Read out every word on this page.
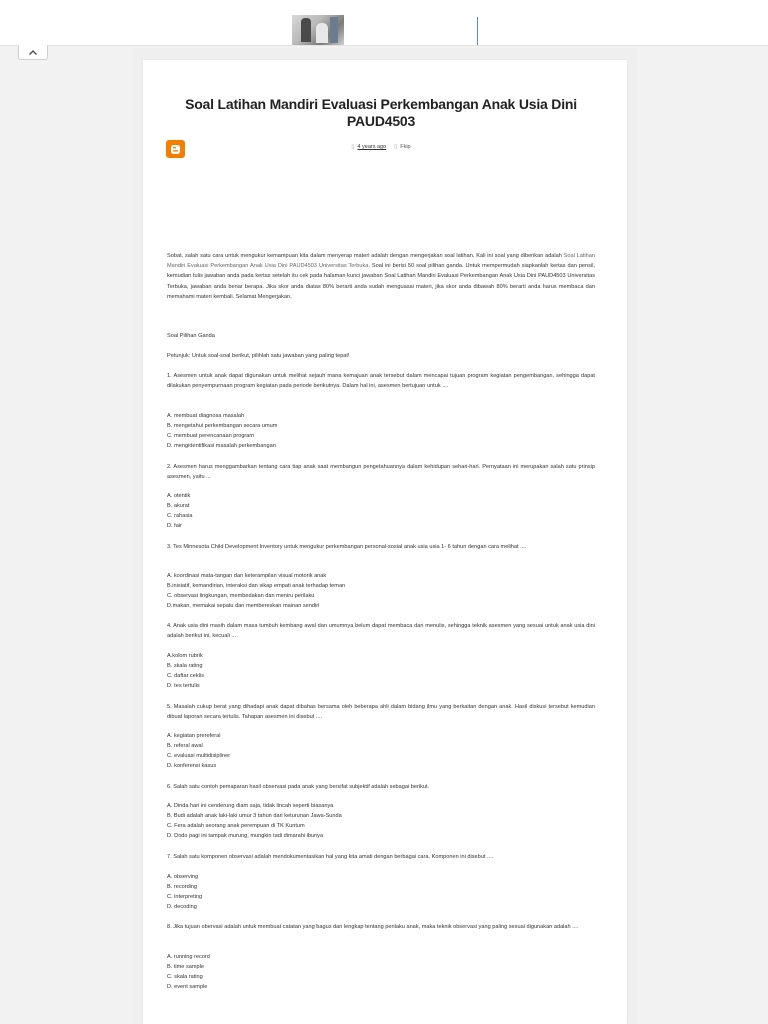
Soal Latihan Mandiri Evaluasi Perkembangan Anak Usia Dini PAUD4503
▯ 4 years ago ▯ Fkip
Sobat, salah satu cara untuk mengukur kemampuan kita dalam menyerap materi adalah dengan mengerjakan soal latihan. Kali ini soal yang diberikan adalah Soal Latihan Mandiri Evaluasi Perkembangan Anak Usia Dini PAUD4503 Universitas Terbuka. Soal ini berisi 50 soal pilihan ganda. Untuk mempermudah siapkanlah kertas dan pensil, kemudian tulis jawaban anda pada kertas setelah itu cek pada halaman kunci jawaban Soal Latihan Mandiri Evaluasi Perkembangan Anak Usia Dini PAUD4503 Universitas Terbuka, jawaban anda benar berapa. Jika skor anda diatas 80% berarti anda sudah menguasai materi, jika skor anda dibawah 80% berarti anda harus membaca dan memahami materi kembali. Selamat Mengerjakan.
Soal Pilihan Ganda
Petunjuk: Untuk soal-soal berikut, pilihlah satu jawaban yang paling tepat!
1. Asesmen untuk anak dapat digunakan untuk melihat sejauh mana kemajuan anak tersebut dalam mencapai tujuan program kegiatan pengembangan, sehingga dapat dilakukan penyempurnaan program kegiatan pada periode berikutnya. Dalam hal ini, asesmen bertujuan untuk ....
A. membuat diagnosa masalah
B. mengetahui perkembangan secara umum
C. membuat perencanaan program
D. mengidentifikasi masalah perkembangan
2. Asesmen harus menggambarkan tentang cara tiap anak saat membangun pengetahuannya dalam kehidupan sehari-hari. Pernyataan ini merupakan salah satu prinsip asesmen, yaitu ...
A. otentik
B. akurat
C. rahasia
D. fair
3. Tes Minnesota Child Development Inventory untuk mengukur perkembangan personal-sosial anak usia usia 1- 6 tahun dengan cara melihat ....
A. koordinasi mata-tangan dan keterampilan visual motorik anak
B.inisiatif, kemandirian, interaksi dan sikap empati anak terhadap teman
C. observasi lingkungan, membedakan dan meniru perilaku
D.makan, memakai sepatu dan membereskan mainan sendiri
4. Anak usia dini masih dalam masa tumbuh kembang awal dan umumnya belum dapat membaca dan menulis, sehingga teknik asesmen yang sesuai untuk anak usia dini adalah berikut ini, kecuali ...
A.kolom rubrik
B. skala rating
C. daftar ceklis
D. tes tertulis
5. Masalah cukup berat yang dihadapi anak dapat dibahas bersama oleh beberapa ahli dalam bidang ilmu yang berkaitan dengan anak. Hasil diskusi tersebut kemudian dibuat laporan secara tertulis. Tahapan asesmen ini disebut ....
A. kegiatan prereferal
B. referal awal
C. evaluasi multidisipliner
D. konferensi kasus
6. Salah satu contoh pemaparan hasil observasi pada anak yang bersifat subjektif adalah sebagai berikut.
A. Dinda hari ini cenderung diam saja, tidak lincah seperti biasanya
B. Budi adalah anak laki-laki umur 3 tahun dari keturunan Jawa-Sunda
C. Fera adalah seorang anak perempuan di TK Kuntum
D. Dodo pagi ini tampak murung, mungkin tadi dimarahi ibunya
7. Salah satu komponen observasi adalah mendokumentasikan hal yang kita amati dengan berbagai cara. Komponen ini disebut ....
A. observing
B. recording
C. interpreting
D. decoding
8. Jika tujuan obervasi adalah untuk membuat catatan yang bagus dan lengkap tentang perilaku anak, maka teknik observasi yang paling sesuai digunakan adalah ....
A. running record
B. time sample
C. skala rating
D. event sample
